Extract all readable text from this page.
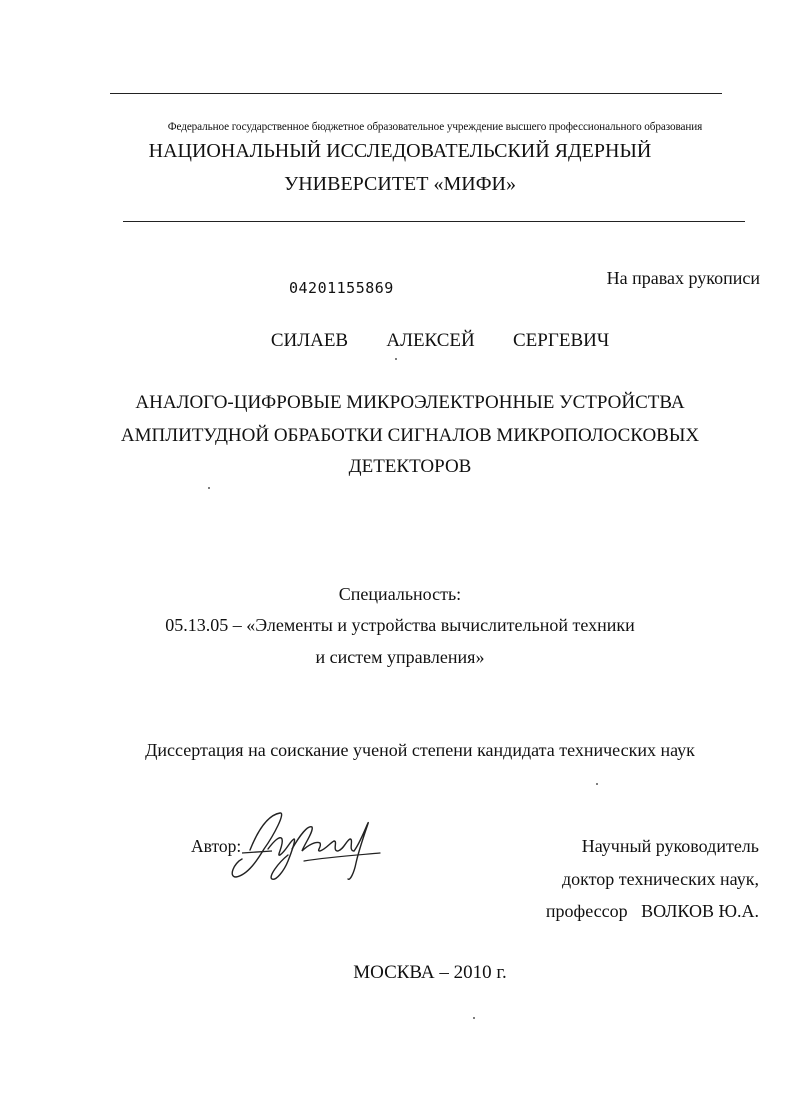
Федеральное государственное бюджетное образовательное учреждение высшего профессионального образования
НАЦИОНАЛЬНЫЙ ИССЛЕДОВАТЕЛЬСКИЙ ЯДЕРНЫЙ
УНИВЕРСИТЕТ «МИФИ»
04201155869	На правах рукописи
СИЛАЕВ   АЛЕКСЕЙ   СЕРГЕВИЧ
АНАЛОГО-ЦИФРОВЫЕ МИКРОЭЛЕКТРОННЫЕ УСТРОЙСТВА
АМПЛИТУДНОЙ ОБРАБОТКИ СИГНАЛОВ МИКРОПОЛОСКОВЫХ
ДЕТЕКТОРОВ
Специальность:
05.13.05 – «Элементы и устройства вычислительной техники
и систем управления»
Диссертация на соискание ученой степени кандидата технических наук
Автор:	Научный руководитель
доктор технических наук,
профессор   ВОЛКОВ Ю.А.
МОСКВА – 2010 г.
